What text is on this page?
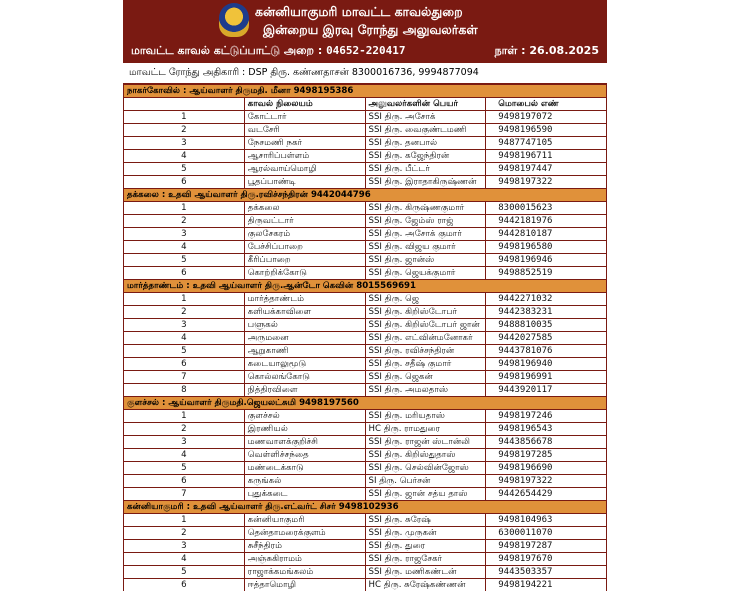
கன்னியாகுமரி மாவட்ட காவல்துறை
இன்றைய இரவு ரோந்து அலுவலர்கள்
மாவட்ட காவல் கட்டுப்பாட்டு அறை : 04652-220417	நாள் : 26.08.2025
மாவட்ட ரோந்து அதிகாரி : DSP திரு. கண்ணதாசன் 8300016736, 9994877094
நாகர்கோவில் : ஆய்வாளர் திருமதி. மீனா 9498195386			
	காவல் நிலையம்	அலுவலர்களின் பெயர்	மொபைல் எண்
1	கோட்டார்	SSI திரு. அசோக்	9498197072
2	வடசேரி	SSI திரு. வைகுண்டமணி	9498196590
3	நேசமணி நகர்	SSI திரு. தனபால்	9487747105
4	ஆசாரிப்பள்ளம்	SSI திரு. கஜேந்திரன்	9498196711
5	ஆரல்வாய்மொழி	SSI திரு. பீட்டர்	9498197447
6	பூதப்பாண்டி	SSI திரு. இராதாகிருஷ்ணன்	9498197322
தக்கலை : உதவி ஆய்வாளர் திரு.ரவிச்சந்திரன் 9442044796			
1	தக்கலை	SSI திரு. கிருஷ்ணகுமார்	8300015623
2	திருவட்டார்	SSI திரு. ஜேம்ஸ் ராஜ்	9442181976
3	குலசேகரம்	SSI திரு. அசோக் குமார்	9442810187
4	பேச்சிப்பாறை	SSI திரு. விஜய குமார்	9498196580
5	கீரிப்பாறை	SSI திரு. ஜான்ஸ்	9498196946
6	கொற்றிக்கோடு	SSI திரு. ஜெயக்குமார்	9498852519
மார்த்தாண்டம் : உதவி ஆய்வாளர் திரு.ஆன்டோ கெவின் 8015569691			
1	மார்த்தாண்டம்	SSI திரு. ஜெ	9442271032
2	களியக்காவிளை	SSI திரு. கிறிஸ்டோபர்	9442383231
3	பளுகல்	SSI திரு. கிறிஸ்டோபர் ஜான்	9488810035
4	அருமனை	SSI திரு. எட்வின்மனோகர்	9442027585
5	ஆறுகாணி	SSI திரு. ரவிச்சந்திரன்	9443781076
6	கடையாலுமூடு	SSI திரு. சதீஷ் குமார்	9498196940
7	கொல்லங்கோடு	SSI திரு. ஜெகன்	9498196991
8	நித்திரவிளை	SSI திரு. அமலதாஸ்	9443920117
குளச்சல் : ஆய்வாளர் திருமதி.ஜெயலட்சுமி 9498197560			
1	குளச்சல்	SSI திரு. மரியதாஸ்	9498197246
2	இரணியல்	HC திரு. ராமதுரை	9498196543
3	மணவாளக்குறிச்சி	SSI திரு. ராஜன் ஸ்டான்லி	9443856678
4	வெள்ளிச்சந்தை	SSI திரு. கிறிஸ்துதாஸ்	9498197285
5	மண்டைக்காடு	SSI திரு. செல்வின்ஜோஸ்	9498196690
6	கருங்கல்	SI திரு. பெர்சன்	9498197322
7	புதுக்கடை	SSI திரு. ஜான் சத்ய தாஸ்	9442654429
கன்னியாகுமரி : உதவி ஆய்வாளர் திரு.எட்வர்ட் சிசர் 9498102936			
1	கன்னியாகுமரி	SSI திரு. சுரேஷ்	9498104963
2	தென்தாமரைக்குளம்	SSI திரு. முருகன்	6300011070
3	சுசீந்திரம்	SSI திரு. துரை	9498197287
4	அஞ்சுகிராமம்	SSI திரு. ராஜசேகர்	9498197670
5	ராஜாக்கமங்கலம்	SSI திரு. மணிகண்டன்	9443503357
6	ஈத்தாமொழி	HC திரு. சுரேஷ்கண்ணன்	9498194221
